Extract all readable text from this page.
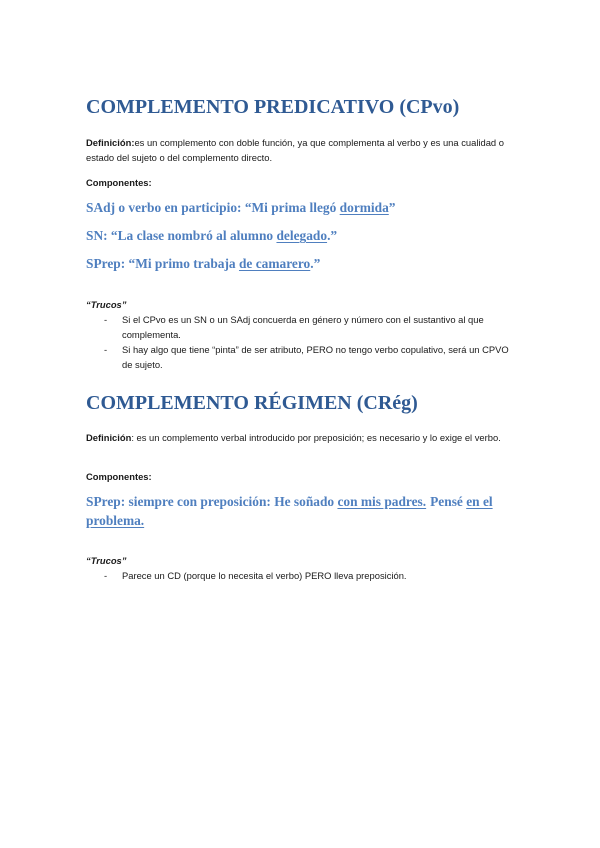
COMPLEMENTO PREDICATIVO (CPvo)

Definición:es un complemento con doble función, ya que complementa al verbo y es una cualidad o estado del sujeto o del complemento directo.

Componentes:

SAdj o verbo en participio: “Mi prima llegó dormida”

SN: “La clase nombró al alumno delegado.”

SPrep: “Mi primo trabaja de camarero.”

“Trucos”

- Si el CPvo es un SN o un SAdj concuerda en género y número con el sustantivo al que complementa.
- Si hay algo que tiene “pinta” de ser atributo, PERO no tengo verbo copulativo, será un CPVO de sujeto.
COMPLEMENTO RÉGIMEN (CRég)

Definición: es un complemento verbal introducido por preposición; es necesario y lo exige el verbo.

Componentes:

SPrep: siempre con preposición: He soñado con mis padres. Pensé en el problema.

“Trucos”

- Parece un CD (porque lo necesita el verbo) PERO lleva preposición.
